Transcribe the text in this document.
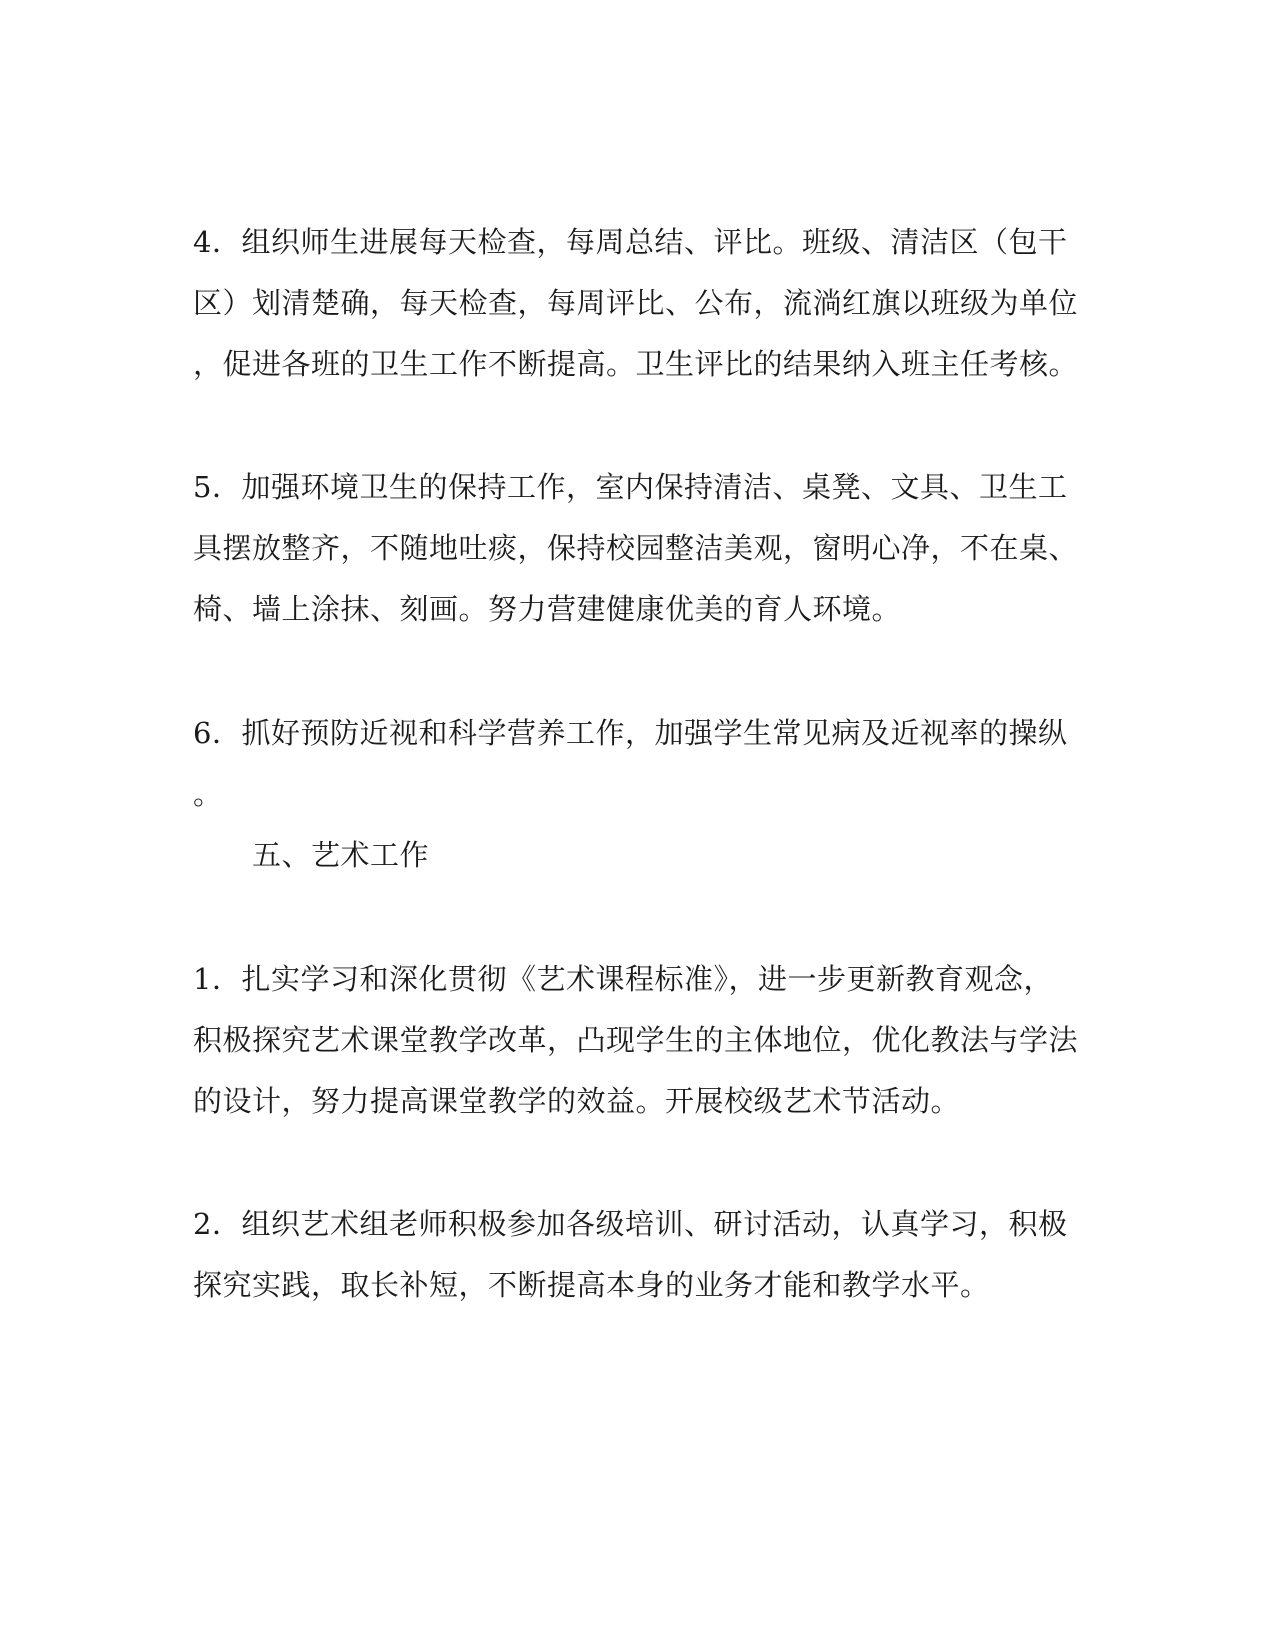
4．组织师生进展每天检查，每周总结、评比。班级、清洁区（包干
区）划清楚确，每天检查，每周评比、公布，流淌红旗以班级为单位
，促进各班的卫生工作不断提高。卫生评比的结果纳入班主任考核。
5．加强环境卫生的保持工作，室内保持清洁、桌凳、文具、卫生工
具摆放整齐，不随地吐痰，保持校园整洁美观，窗明心净，不在桌、
椅、墙上涂抹、刻画。努力营建健康优美的育人环境。
6．抓好预防近视和科学营养工作，加强学生常见病及近视率的操纵
。
五、艺术工作
1．扎实学习和深化贯彻《艺术课程标准》，进一步更新教育观念，
积极探究艺术课堂教学改革，凸现学生的主体地位，优化教法与学法
的设计，努力提高课堂教学的效益。开展校级艺术节活动。
2．组织艺术组老师积极参加各级培训、研讨活动，认真学习，积极
探究实践，取长补短，不断提高本身的业务才能和教学水平。
